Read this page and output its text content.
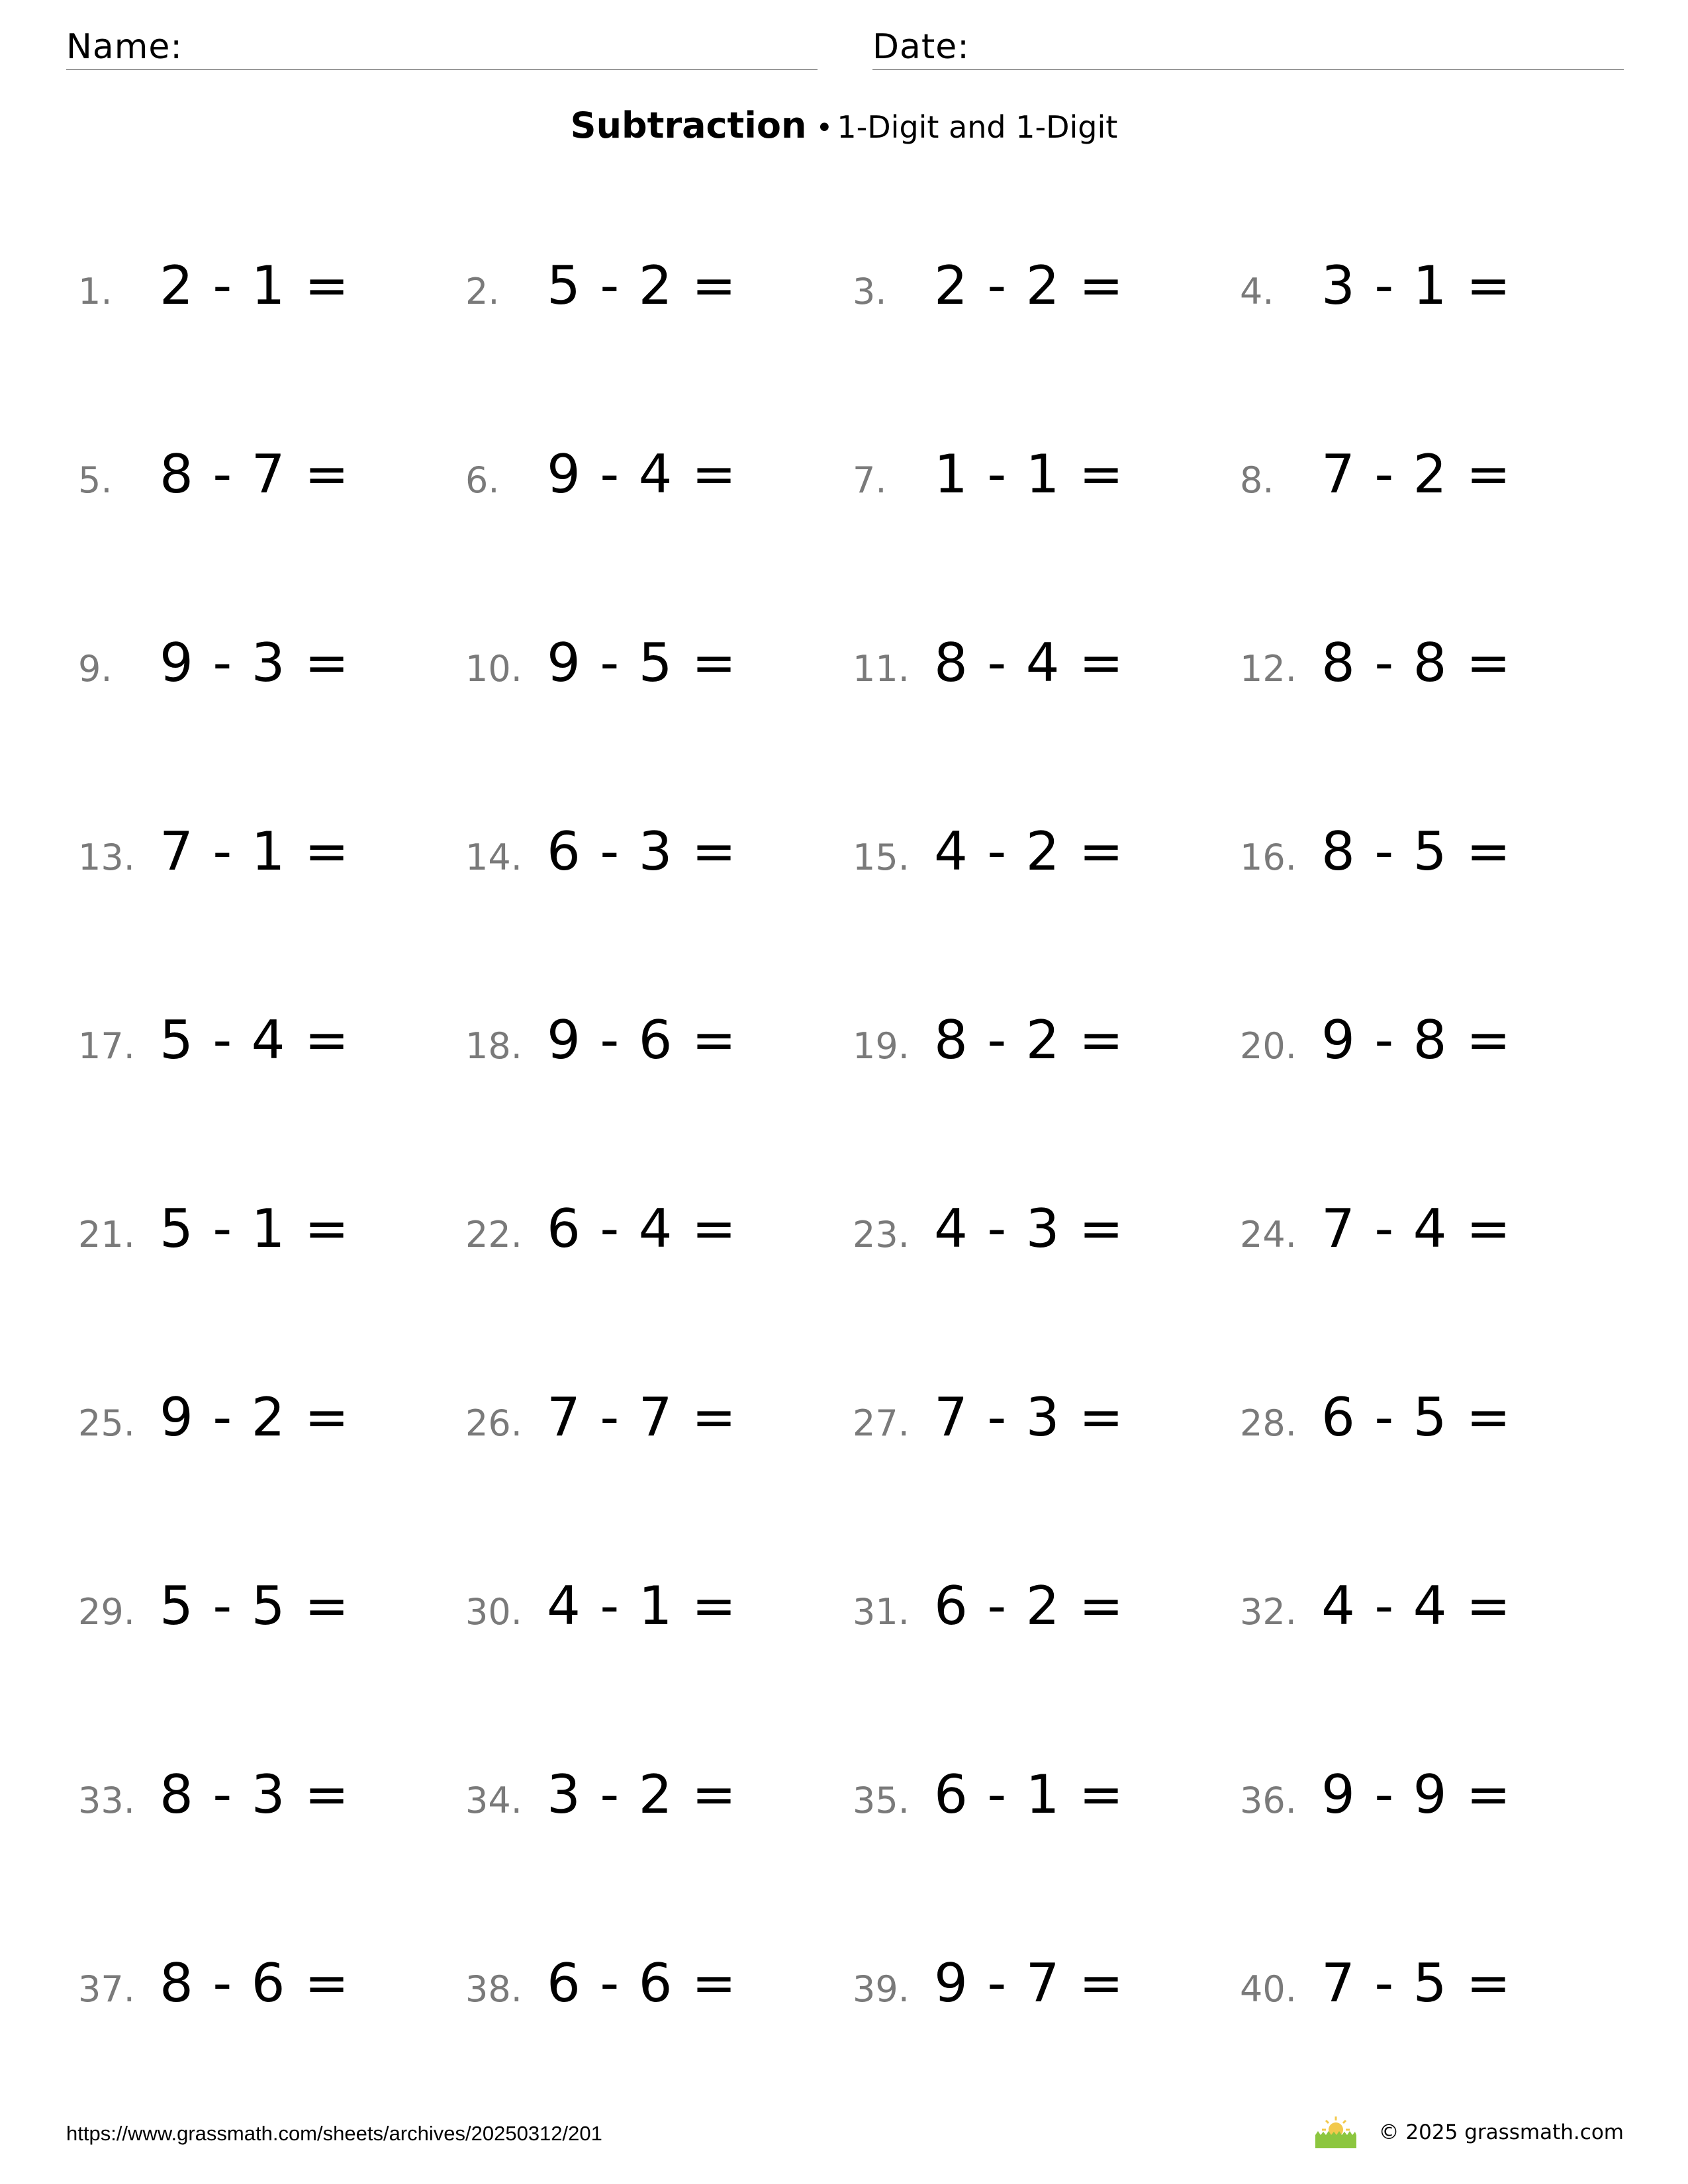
Name:	Date:
Subtraction • 1-Digit and 1-Digit
1. 2 - 1 =	2. 5 - 2 =	3. 2 - 2 =	4. 3 - 1 =
5. 8 - 7 =	6. 9 - 4 =	7. 1 - 1 =	8. 7 - 2 =
9. 9 - 3 =	10. 9 - 5 =	11. 8 - 4 =	12. 8 - 8 =
13. 7 - 1 =	14. 6 - 3 =	15. 4 - 2 =	16. 8 - 5 =
17. 5 - 4 =	18. 9 - 6 =	19. 8 - 2 =	20. 9 - 8 =
21. 5 - 1 =	22. 6 - 4 =	23. 4 - 3 =	24. 7 - 4 =
25. 9 - 2 =	26. 7 - 7 =	27. 7 - 3 =	28. 6 - 5 =
29. 5 - 5 =	30. 4 - 1 =	31. 6 - 2 =	32. 4 - 4 =
33. 8 - 3 =	34. 3 - 2 =	35. 6 - 1 =	36. 9 - 9 =
37. 8 - 6 =	38. 6 - 6 =	39. 9 - 7 =	40. 7 - 5 =
https://www.grassmath.com/sheets/archives/20250312/201	© 2025 grassmath.com
